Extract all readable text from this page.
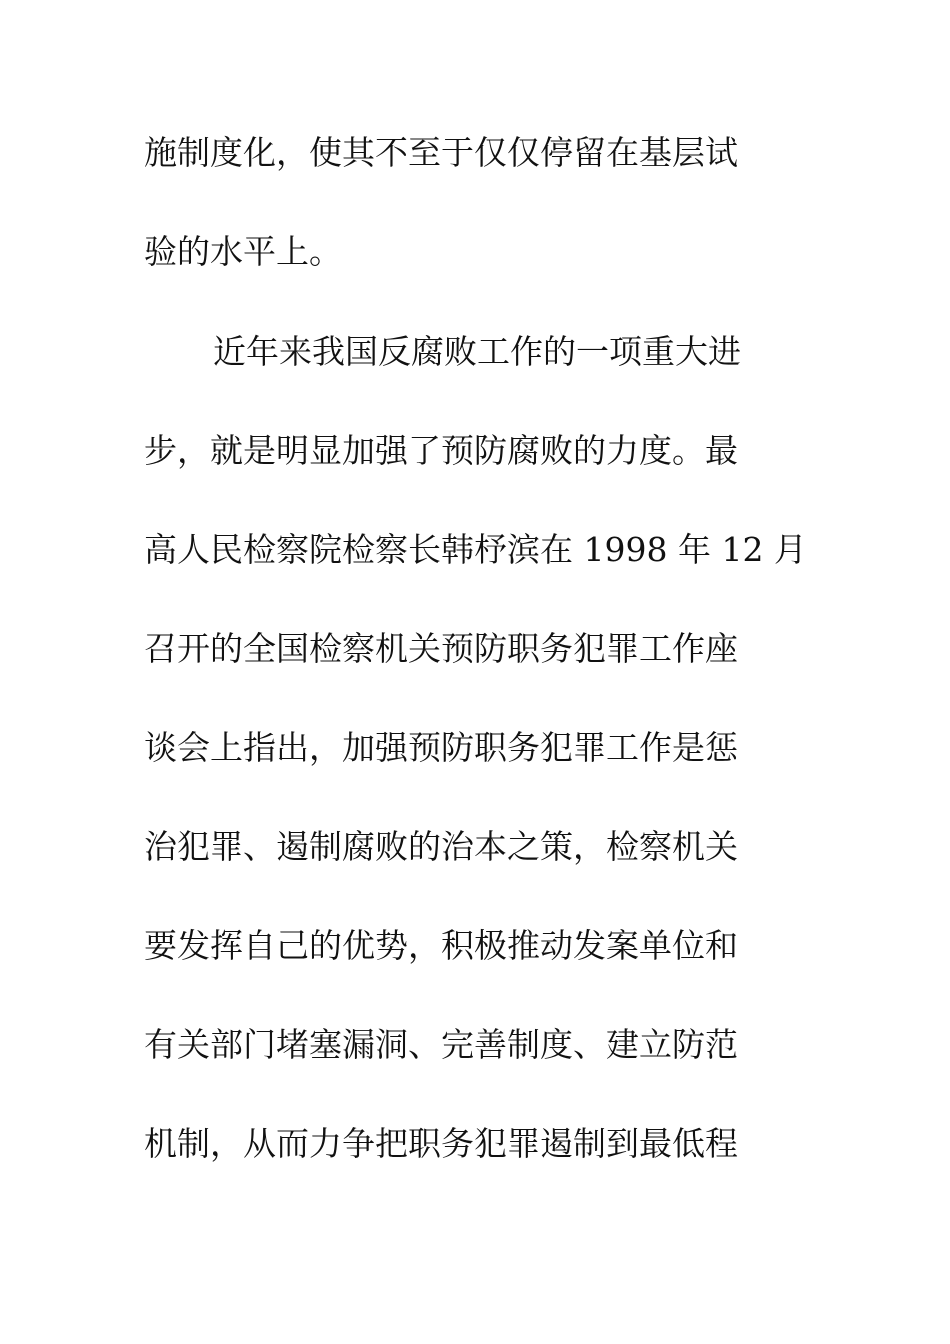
施制度化，使其不至于仅仅停留在基层试
验的水平上。
近年来我国反腐败工作的一项重大进
步，就是明显加强了预防腐败的力度。最
高人民检察院检察长韩杼滨在 1998 年 12 月
召开的全国检察机关预防职务犯罪工作座
谈会上指出，加强预防职务犯罪工作是惩
治犯罪、遏制腐败的治本之策，检察机关
要发挥自己的优势，积极推动发案单位和
有关部门堵塞漏洞、完善制度、建立防范
机制，从而力争把职务犯罪遏制到最低程
